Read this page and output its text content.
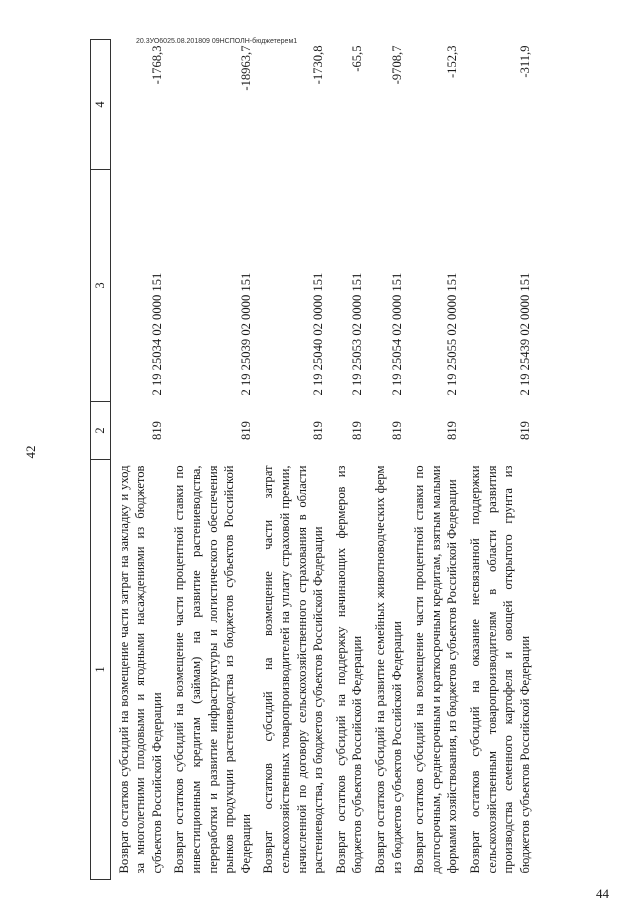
42
44
1	2	3	4
Возврат остатков субсидий на возмещение части затрат на закладку и уход за многолетними плодовыми и ягодными насаждениями из бюджетов субъектов Российской Федерации	819	2 19 25034 02 0000 151	-1768,3
Возврат остатков субсидий на возмещение части процентной ставки по инвестиционным кредитам (займам) на развитие растениеводства, переработки и развитие инфраструктуры и логистического обеспечения рынков продукции растениеводства из бюджетов субъектов Российской Федерации	819	2 19 25039 02 0000 151	-18963,7
Возврат остатков субсидий на возмещение части затрат сельскохозяйственных товаропроизводителей на уплату страховой премии, начисленной по договору сельскохозяйственного страхования в области растениеводства, из бюджетов субъектов Российской Федерации	819	2 19 25040 02 0000 151	-1730,8
Возврат остатков субсидий на поддержку начинающих фермеров из бюджетов субъектов Российской Федерации	819	2 19 25053 02 0000 151	-65,5
Возврат остатков субсидий на развитие семейных животноводческих ферм из бюджетов субъектов Российской Федерации	819	2 19 25054 02 0000 151	-9708,7
Возврат остатков субсидий на возмещение части процентной ставки по долгосрочным, среднесрочным и краткосрочным кредитам, взятым малыми формами хозяйствования, из бюджетов субъектов Российской Федерации	819	2 19 25055 02 0000 151	-152,3
Возврат остатков субсидий на оказание несвязанной поддержки сельскохозяйственным товаропроизводителям в области развития производства семенного картофеля и овощей открытого грунта из бюджетов субъектов Российской Федерации	819	2 19 25439 02 0000 151	-311,9
20.3УО6025.08.201809 09НСПОЛН-бюджетерем1
